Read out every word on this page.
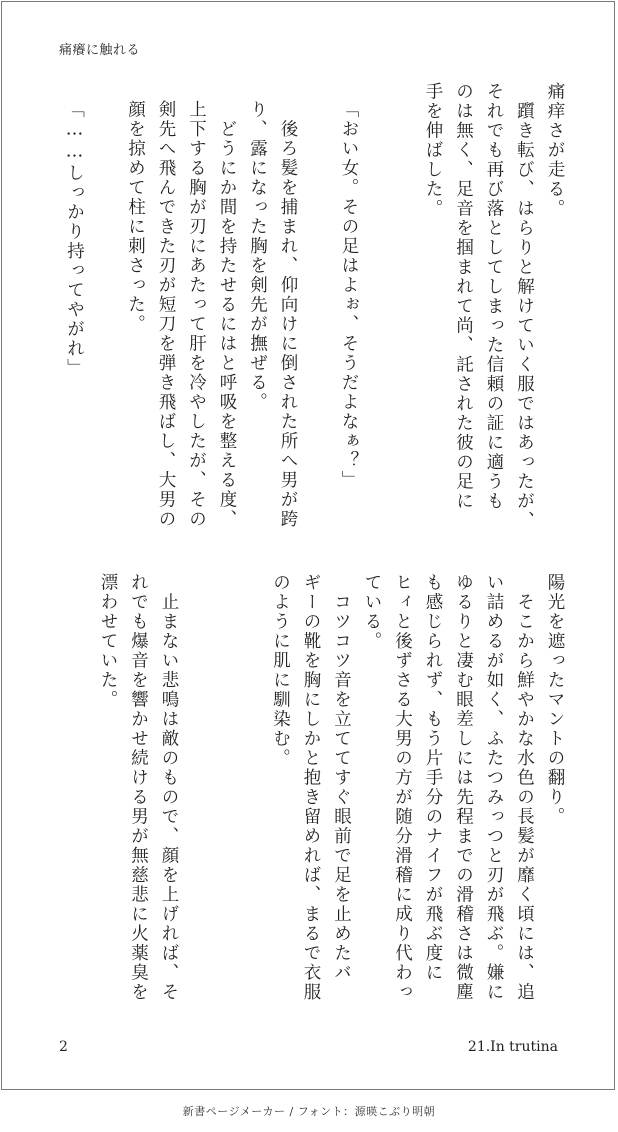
痛癢に触れる
痛痒さが走る。
　躓き転び、はらりと解けていく服ではあったが、
それでも再び落としてしまった信頼の証に適うも
のは無く、足音を掴まれて尚、託された彼の足に
手を伸ばした。
「おい女。その足はよぉ、そうだよなぁ？」

　後ろ髪を捕まれ、仰向けに倒された所へ男が跨
り、露になった胸を剣先が撫ぜる。
　どうにか間を持たせるにはと呼吸を整える度、
上下する胸が刃にあたって肝を冷やしたが、その
剣先へ飛んできた刃が短刀を弾き飛ばし、大男の
顔を掠めて柱に刺さった。

「……しっかり持ってやがれ」
陽光を遮ったマントの翻り。
　そこから鮮やかな水色の長髪が靡く頃には、追
い詰めるが如く、ふたつみっつと刃が飛ぶ。嫌に
ゆるりと凄む眼差しには先程までの滑稽さは微塵
も感じられず、もう片手分のナイフが飛ぶ度に
ヒィと後ずさる大男の方が随分滑稽に成り代わっ
ている。
　コツコツ音を立ててすぐ眼前で足を止めたバ
ギーの靴を胸にしかと抱き留めれば、まるで衣服
のように肌に馴染む。
　止まない悲鳴は敵のもので、顔を上げれば、そ
れでも爆音を響かせ続ける男が無慈悲に火薬臭を
漂わせていた。
2	21.In trutina
新書ページメーカー / フォント：源暎こぶり明朝
